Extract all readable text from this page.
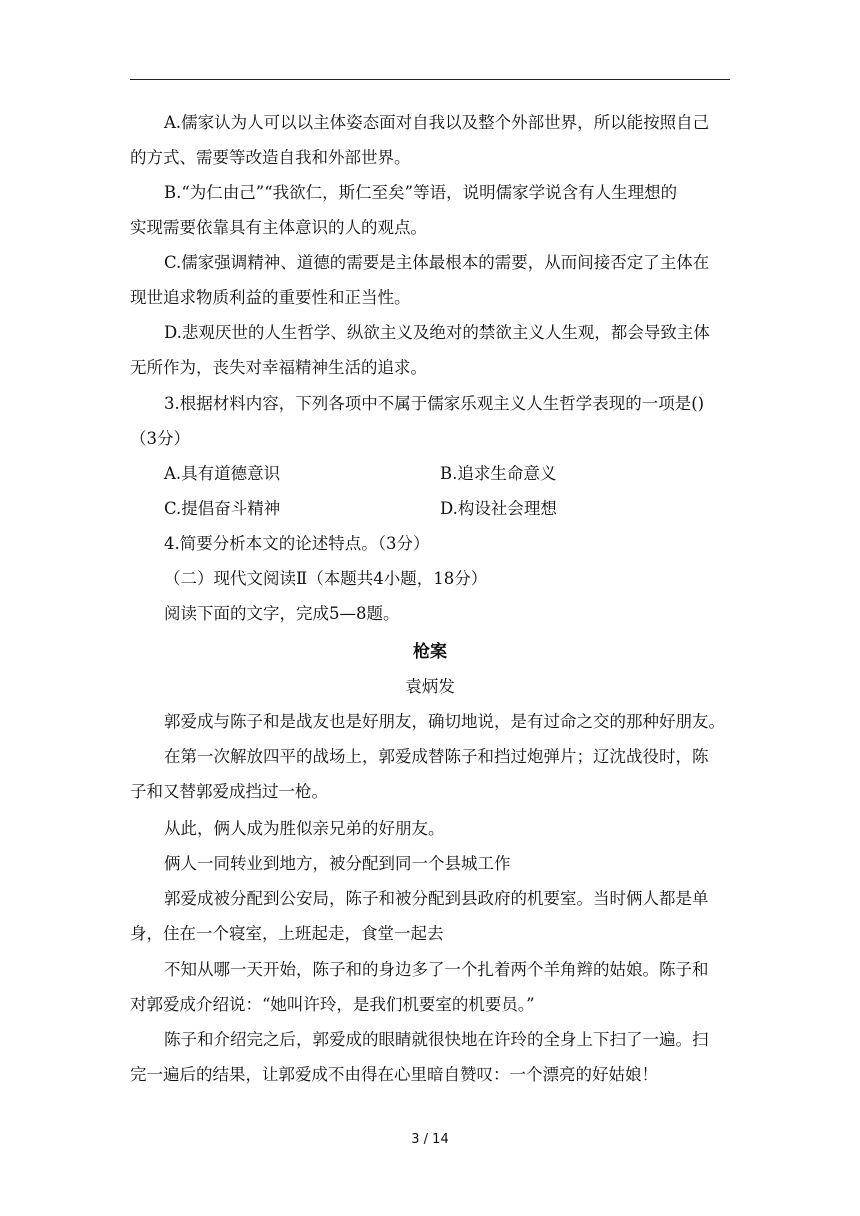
A.儒家认为人可以以主体姿态面对自我以及整个外部世界，所以能按照自己
的方式、需要等改造自我和外部世界。
B.“为仁由己”“我欲仁，斯仁至矣”等语，说明儒家学说含有人生理想的
实现需要依靠具有主体意识的人的观点。
C.儒家强调精神、道德的需要是主体最根本的需要，从而间接否定了主体在
现世追求物质利益的重要性和正当性。
D.悲观厌世的人生哲学、纵欲主义及绝对的禁欲主义人生观，都会导致主体
无所作为，丧失对幸福精神生活的追求。
3.根据材料内容，下列各项中不属于儒家乐观主义人生哲学表现的一项是()
（3分）
A.具有道德意识	B.追求生命意义
C.提倡奋斗精神	D.构设社会理想
4.简要分析本文的论述特点。（3分）
（二）现代文阅读Ⅱ（本题共4小题，18分）
阅读下面的文字，完成5—8题。
枪案
袁炳发
郭爱成与陈子和是战友也是好朋友，确切地说，是有过命之交的那种好朋友。
在第一次解放四平的战场上，郭爱成替陈子和挡过炮弹片；辽沈战役时，陈
子和又替郭爱成挡过一枪。
从此，俩人成为胜似亲兄弟的好朋友。
俩人一同转业到地方，被分配到同一个县城工作
郭爱成被分配到公安局，陈子和被分配到县政府的机要室。当时俩人都是单
身，住在一个寝室，上班起走，食堂一起去
不知从哪一天开始，陈子和的身边多了一个扎着两个羊角辫的姑娘。陈子和
对郭爱成介绍说：“她叫许玲，是我们机要室的机要员。”
陈子和介绍完之后，郭爱成的眼睛就很快地在许玲的全身上下扫了一遍。扫
完一遍后的结果，让郭爱成不由得在心里暗自赞叹：一个漂亮的好姑娘！
3 / 14
